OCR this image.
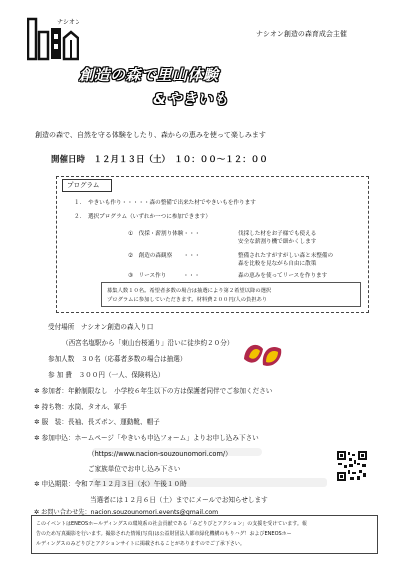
ナシオン
ナシオン創造の森育成会主催
創造の森で里山体験
&やきいも
創造の森で、自然を守る体験をしたり、森からの恵みを使って楽しみます
開催日時　１２月１３日（土）　１０：００～１２：００
プログラム
１．　やきいも作り・・・・・森の整備で出来た材でやきいもを作ります
２．　選択プログラム（いずれか一つに参加できます）
①　伐採・薪割り体験・・・	伐採した材をお子様でも使える
安全な薪割り機で細かくします
②　創造の森観察　　・・・	整備されたすがすがしい森と未整備の
森を比較を見ながら自由に散策
③　リース作り　　　・・・	森の恵みを使ってリースを作ります
募集人数１０名。希望者多数の場合は抽選により第２希望以降の選択
プログラムに参加していただきます。材料費２００円/人の負担あり
受付場所　ナシオン創造の森入り口
（西宮名塩駅から「東山台桜通り」沿いに徒歩約２０分）
参加人数　３０名（応募者多数の場合は抽選）
参 加 費　３００円（一人、保険料込）
✲ 参加者：年齢制限なし　小学校６年生以下の方は保護者同伴でご参加ください
✲ 持ち物：水筒、タオル、軍手
✲ 服　装：長袖、長ズボン、運動靴、帽子
✲ 参加申込：ホームページ「やきいも申込フォーム」よりお申し込み下さい
（https://www.nacion-souzounomori.com/）
ご家族単位でお申し込み下さい
✲ 申込期限：令和７年１２月３日（水）午後１０時
当選者には１２月６日（土）までにメールでお知らせします
✲ お問い合わせ先：nacion.souzounomori.events@gmail.com
このイベントはENEOSホールディングスの環境系の社会貢献である「みどりびとアクション」の支援を受けています。報
告のため写真撮影を行います。撮影された情報(写真)は公益財団法人都市緑化機構のもりハグ！およびENEOSホー
ルディングスのみどりびとアクションサイトに掲載されることがありますのでご了承下さい。
